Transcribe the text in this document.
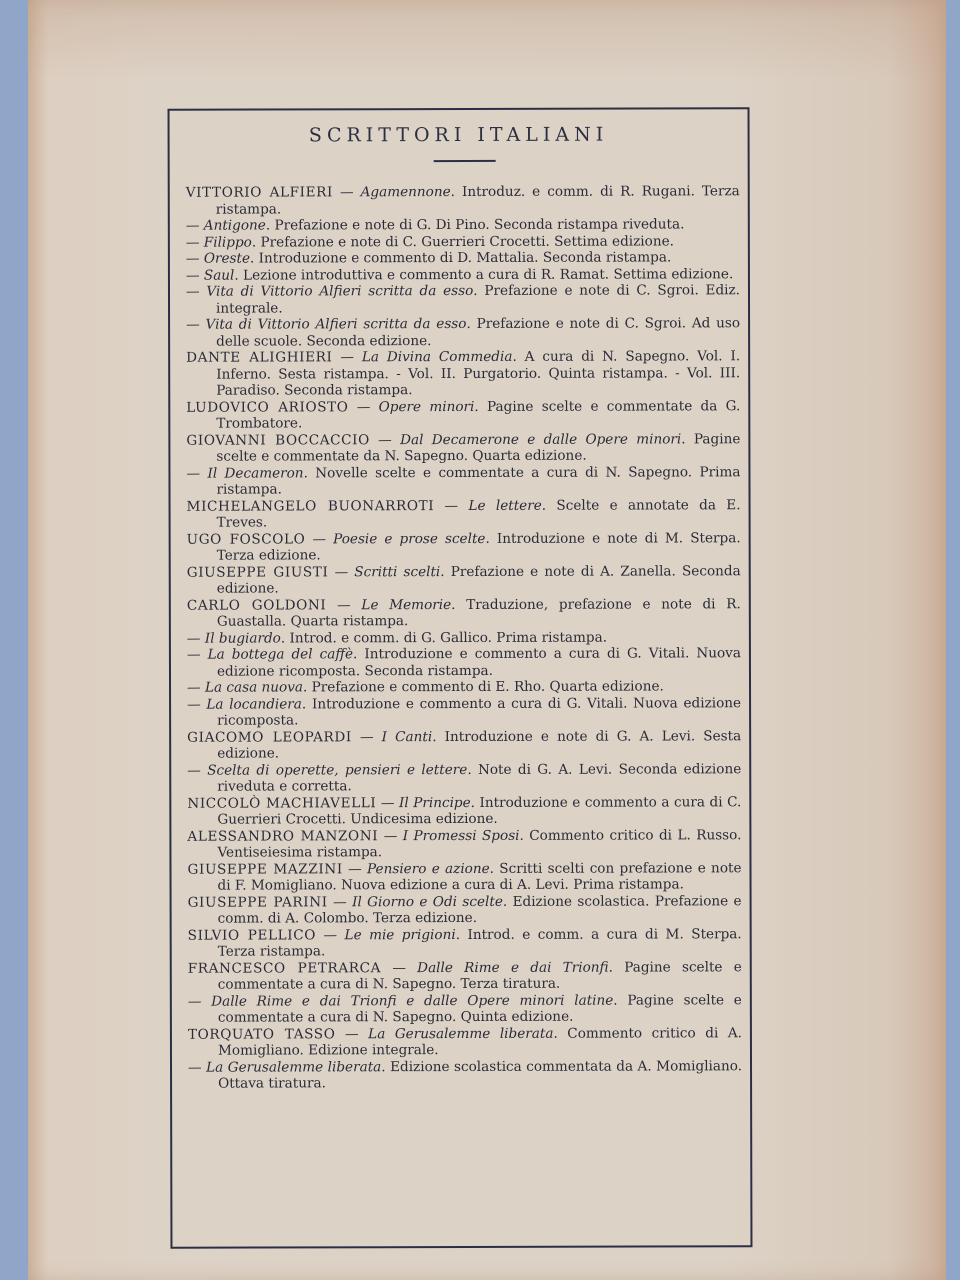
SCRITTORI ITALIANI

VITTORIO ALFIERI — Agamennone. Introduz. e comm. di R. Rugani. Terza ristampa.

— Antigone. Prefazione e note di G. Di Pino. Seconda ristampa riveduta.

— Filippo. Prefazione e note di C. Guerrieri Crocetti. Settima edizione.

— Oreste. Introduzione e commento di D. Mattalia. Seconda ristampa.

— Saul. Lezione introduttiva e commento a cura di R. Ramat. Settima edizione.

— Vita di Vittorio Alfieri scritta da esso. Prefazione e note di C. Sgroi. Ediz. integrale.

— Vita di Vittorio Alfieri scritta da esso. Prefazione e note di C. Sgroi. Ad uso delle scuole. Seconda edizione.

DANTE ALIGHIERI — La Divina Commedia. A cura di N. Sapegno. Vol. I. Inferno. Sesta ristampa. - Vol. II. Purgatorio. Quinta ristampa. - Vol. III. Paradiso. Seconda ristampa.

LUDOVICO ARIOSTO — Opere minori. Pagine scelte e commentate da G. Trombatore.

GIOVANNI BOCCACCIO — Dal Decamerone e dalle Opere minori. Pagine scelte e commentate da N. Sapegno. Quarta edizione.

— Il Decameron. Novelle scelte e commentate a cura di N. Sapegno. Prima ristampa.

MICHELANGELO BUONARROTI — Le lettere. Scelte e annotate da E. Treves.

UGO FOSCOLO — Poesie e prose scelte. Introduzione e note di M. Sterpa. Terza edizione.

GIUSEPPE GIUSTI — Scritti scelti. Prefazione e note di A. Zanella. Seconda edizione.

CARLO GOLDONI — Le Memorie. Traduzione, prefazione e note di R. Guastalla. Quarta ristampa.

— Il bugiardo. Introd. e comm. di G. Gallico. Prima ristampa.

— La bottega del caffè. Introduzione e commento a cura di G. Vitali. Nuova edizione ricomposta. Seconda ristampa.

— La casa nuova. Prefazione e commento di E. Rho. Quarta edizione.

— La locandiera. Introduzione e commento a cura di G. Vitali. Nuova edizione ricomposta.

GIACOMO LEOPARDI — I Canti. Introduzione e note di G. A. Levi. Sesta edizione.

— Scelta di operette, pensieri e lettere. Note di G. A. Levi. Seconda edizione riveduta e corretta.

NICCOLÒ MACHIAVELLI — Il Principe. Introduzione e commento a cura di C. Guerrieri Crocetti. Undicesima edizione.

ALESSANDRO MANZONI — I Promessi Sposi. Commento critico di L. Russo. Ventiseiesima ristampa.

GIUSEPPE MAZZINI — Pensiero e azione. Scritti scelti con prefazione e note di F. Momigliano. Nuova edizione a cura di A. Levi. Prima ristampa.

GIUSEPPE PARINI — Il Giorno e Odi scelte. Edizione scolastica. Prefazione e comm. di A. Colombo. Terza edizione.

SILVIO PELLICO — Le mie prigioni. Introd. e comm. a cura di M. Sterpa. Terza ristampa.

FRANCESCO PETRARCA — Dalle Rime e dai Trionfi. Pagine scelte e commentate a cura di N. Sapegno. Terza tiratura.

— Dalle Rime e dai Trionfi e dalle Opere minori latine. Pagine scelte e commentate a cura di N. Sapegno. Quinta edizione.

TORQUATO TASSO — La Gerusalemme liberata. Commento critico di A. Momigliano. Edizione integrale.

— La Gerusalemme liberata. Edizione scolastica commentata da A. Momigliano. Ottava tiratura.
